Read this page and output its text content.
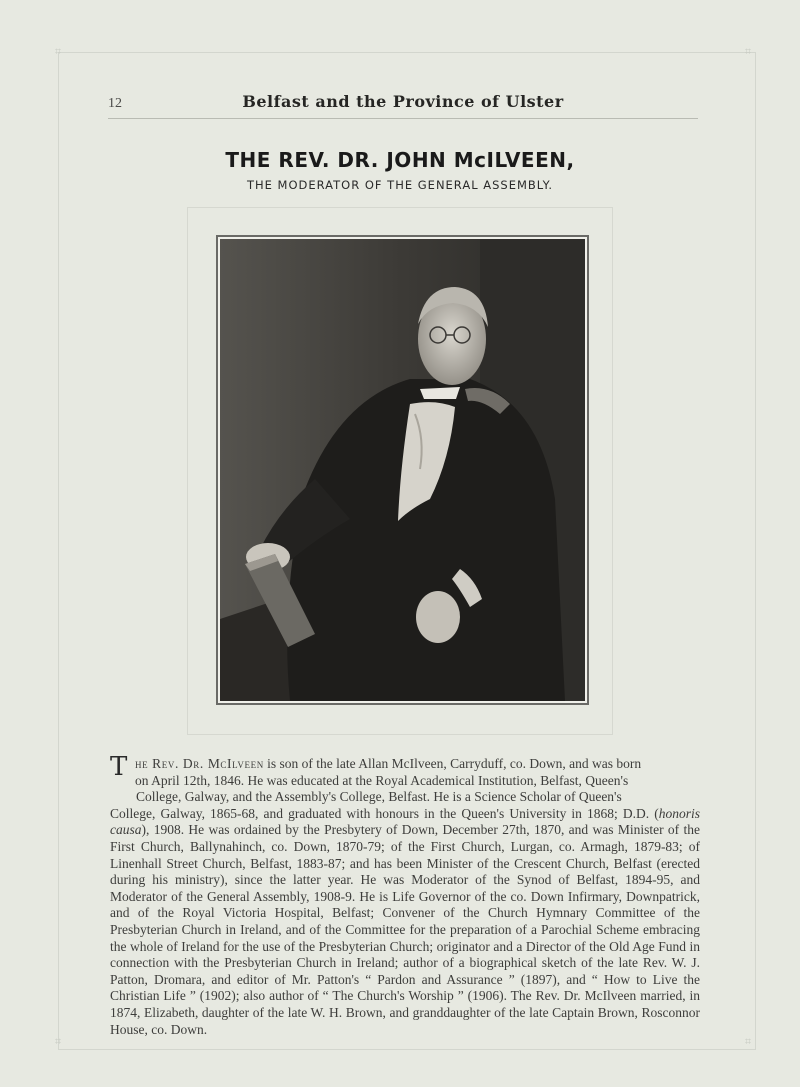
⌗	⌗
⌗	⌗
12	Belfast and the Province of Ulster
THE REV. DR. JOHN McILVEEN,
THE MODERATOR OF THE GENERAL ASSEMBLY.

The Rev. Dr. McIlveen is son of the late Allan McIlveen, Carryduff, co. Down, and was born
on April 12th, 1846. He was educated at the Royal Academical Institution, Belfast, Queen's
College, Galway, and the Assembly's College, Belfast. He is a Science Scholar of Queen's
College, Galway, 1865-68, and graduated with honours in the Queen's University in 1868; D.D. (honoris causa), 1908. He was ordained by the Presbytery of Down, December 27th, 1870, and was Minister of the First Church, Ballynahinch, co. Down, 1870-79; of the First Church, Lurgan, co. Armagh, 1879-83; of Linenhall Street Church, Belfast, 1883-87; and has been Minister of the Crescent Church, Belfast (erected during his ministry), since the latter year. He was Moderator of the Synod of Belfast, 1894-95, and Moderator of the General Assembly, 1908-9. He is Life Governor of the co. Down Infirmary, Downpatrick, and of the Royal Victoria Hospital, Belfast; Convener of the Church Hymnary Committee of the Presbyterian Church in Ireland, and of the Committee for the preparation of a Parochial Scheme embracing the whole of Ireland for the use of the Presbyterian Church; originator and a Director of the Old Age Fund in connection with the Presbyterian Church in Ireland; author of a biographical sketch of the late Rev. W. J. Patton, Dromara, and editor of Mr. Patton's “ Pardon and Assurance ” (1897), and “ How to Live the Christian Life ” (1902); also author of “ The Church's Worship ” (1906). The Rev. Dr. McIlveen married, in 1874, Elizabeth, daughter of the late W. H. Brown, and granddaughter of the late Captain Brown, Rosconnor House, co. Down.
